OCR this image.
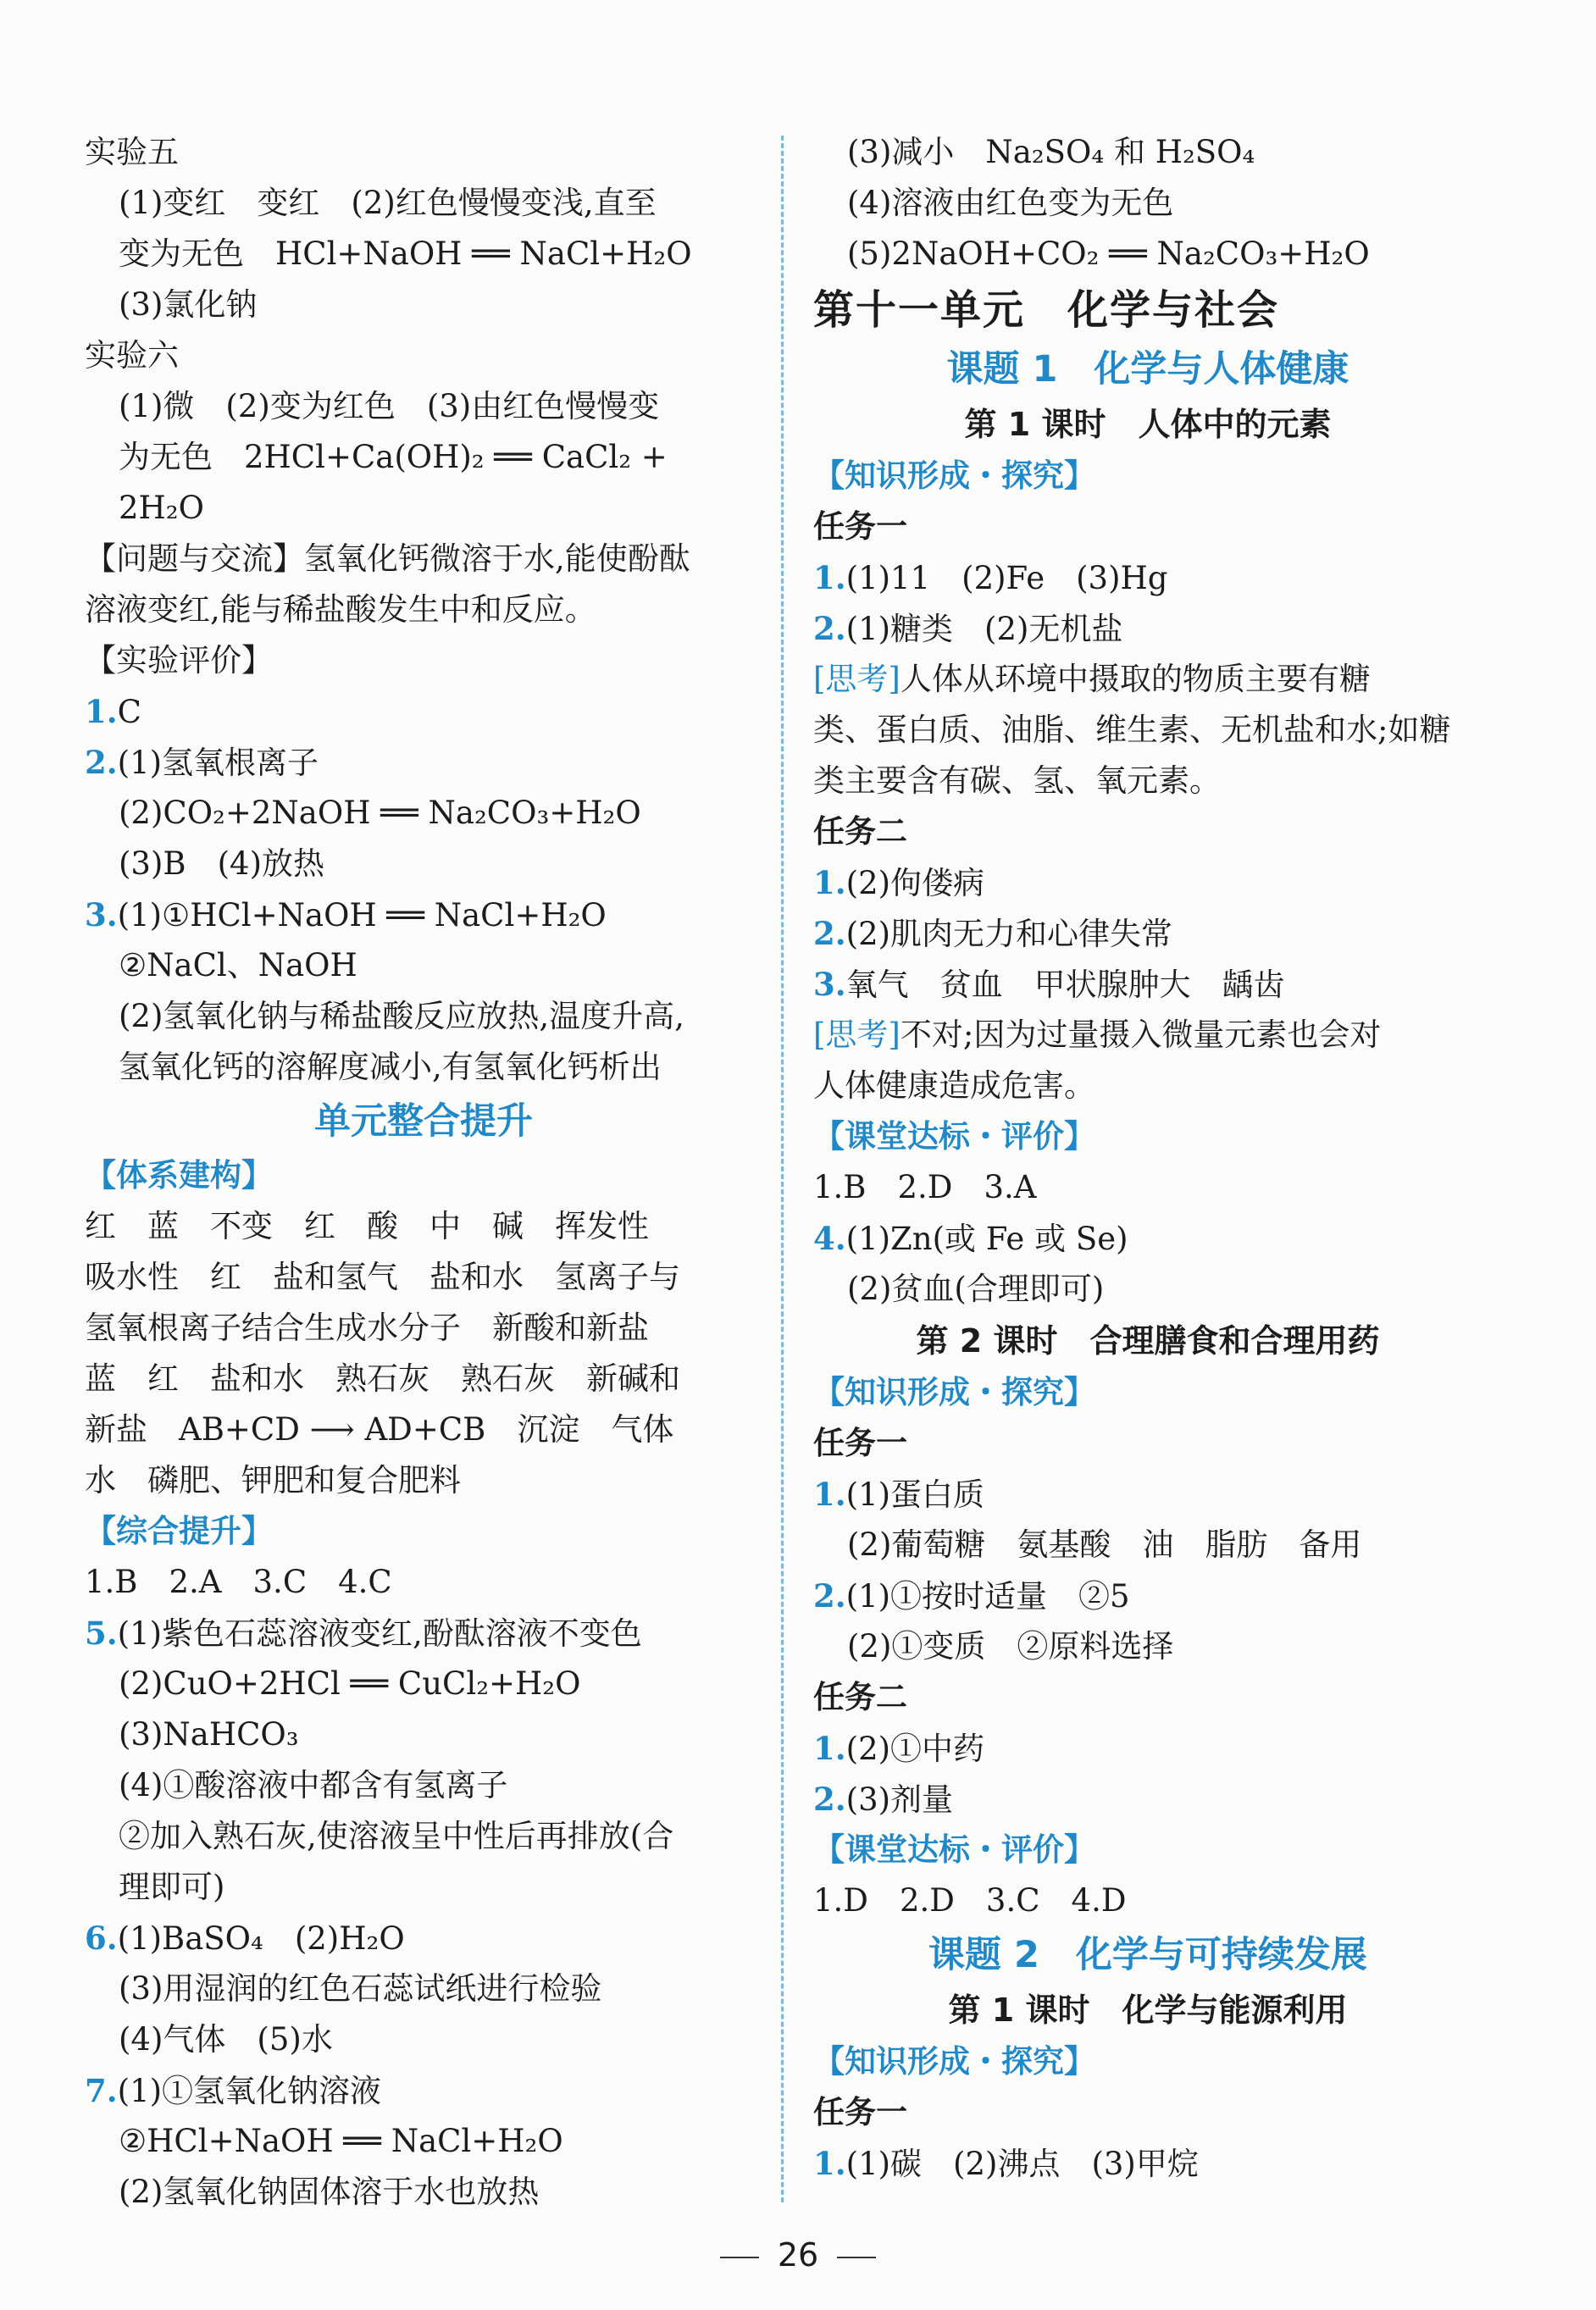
实验五
(1)变红　变红　(2)红色慢慢变浅,直至
变为无色　HCl+NaOH ══ NaCl+H₂O
(3)氯化钠
实验六
(1)微　(2)变为红色　(3)由红色慢慢变
为无色　2HCl+Ca(OH)₂ ══ CaCl₂ +
2H₂O
【问题与交流】氢氧化钙微溶于水,能使酚酞
溶液变红,能与稀盐酸发生中和反应。
【实验评价】
1.C
2.(1)氢氧根离子
(2)CO₂+2NaOH ══ Na₂CO₃+H₂O
(3)B　(4)放热
3.(1)①HCl+NaOH ══ NaCl+H₂O
②NaCl、NaOH
(2)氢氧化钠与稀盐酸反应放热,温度升高,
氢氧化钙的溶解度减小,有氢氧化钙析出
单元整合提升
【体系建构】
红　蓝　不变　红　酸　中　碱　挥发性
吸水性　红　盐和氢气　盐和水　氢离子与
氢氧根离子结合生成水分子　新酸和新盐
蓝　红　盐和水　熟石灰　熟石灰　新碱和
新盐　AB+CD ⟶ AD+CB　沉淀　气体
水　磷肥、钾肥和复合肥料
【综合提升】
1.B　2.A　3.C　4.C
5.(1)紫色石蕊溶液变红,酚酞溶液不变色
(2)CuO+2HCl ══ CuCl₂+H₂O
(3)NaHCO₃
(4)①酸溶液中都含有氢离子
②加入熟石灰,使溶液呈中性后再排放(合
理即可)
6.(1)BaSO₄　(2)H₂O
(3)用湿润的红色石蕊试纸进行检验
(4)气体　(5)水
7.(1)①氢氧化钠溶液
②HCl+NaOH ══ NaCl+H₂O
(2)氢氧化钠固体溶于水也放热
(3)减小　Na₂SO₄ 和 H₂SO₄
(4)溶液由红色变为无色
(5)2NaOH+CO₂ ══ Na₂CO₃+H₂O
第十一单元　化学与社会
课题 1　化学与人体健康
第 1 课时　人体中的元素
【知识形成・探究】
任务一
1.(1)11　(2)Fe　(3)Hg
2.(1)糖类　(2)无机盐
[思考]人体从环境中摄取的物质主要有糖
类、蛋白质、油脂、维生素、无机盐和水;如糖
类主要含有碳、氢、氧元素。
任务二
1.(2)佝偻病
2.(2)肌肉无力和心律失常
3.氧气　贫血　甲状腺肿大　龋齿
[思考]不对;因为过量摄入微量元素也会对
人体健康造成危害。
【课堂达标・评价】
1.B　2.D　3.A
4.(1)Zn(或 Fe 或 Se)
(2)贫血(合理即可)
第 2 课时　合理膳食和合理用药
【知识形成・探究】
任务一
1.(1)蛋白质
(2)葡萄糖　氨基酸　油　脂肪　备用
2.(1)①按时适量　②5
(2)①变质　②原料选择
任务二
1.(2)①中药
2.(3)剂量
【课堂达标・评价】
1.D　2.D　3.C　4.D
课题 2　化学与可持续发展
第 1 课时　化学与能源利用
【知识形成・探究】
任务一
1.(1)碳　(2)沸点　(3)甲烷
26
